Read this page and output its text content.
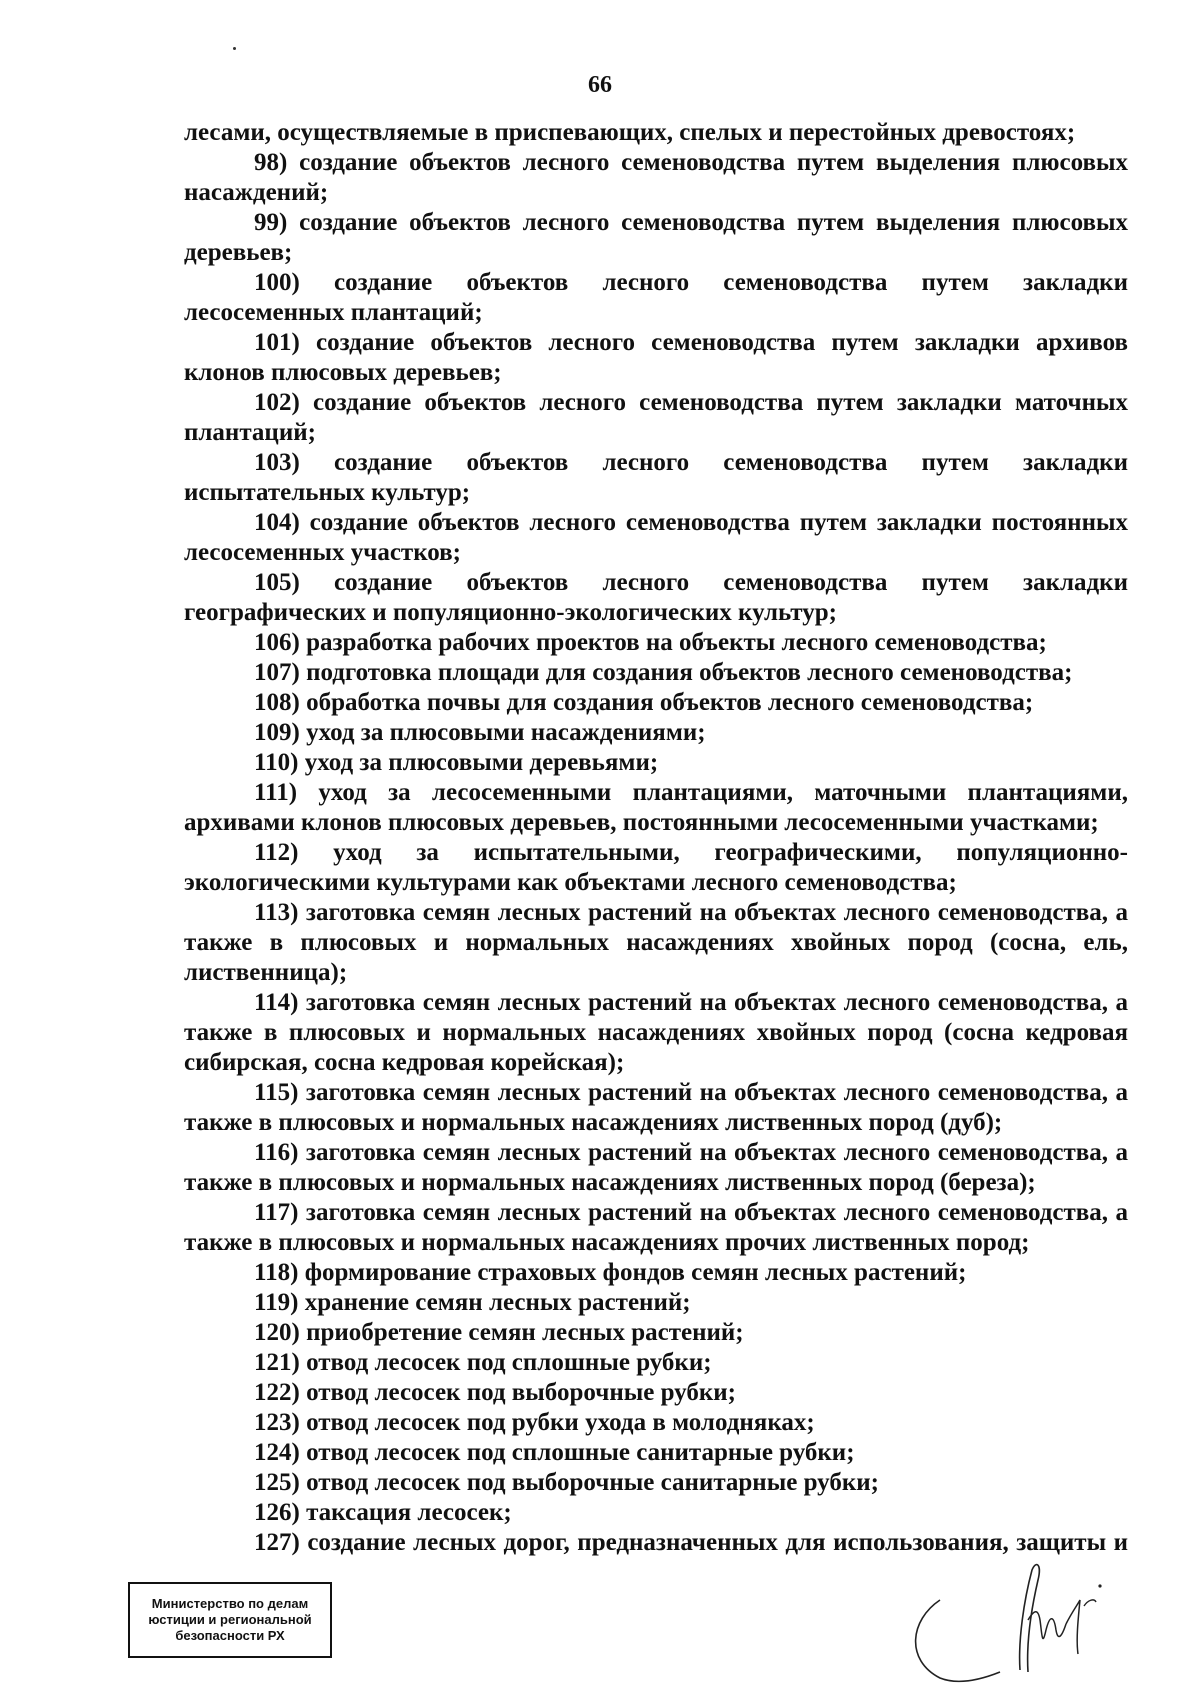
66
лесами, осуществляемые в приспевающих, спелых и перестойных древостоях;
98) создание объектов лесного семеноводства путем выделения плюсовых
насаждений;
99) создание объектов лесного семеноводства путем выделения плюсовых
деревьев;
100) создание объектов лесного семеноводства путем закладки
лесосеменных плантаций;
101) создание объектов лесного семеноводства путем закладки архивов
клонов плюсовых деревьев;
102) создание объектов лесного семеноводства путем закладки маточных
плантаций;
103) создание объектов лесного семеноводства путем закладки
испытательных культур;
104) создание объектов лесного семеноводства путем закладки постоянных
лесосеменных участков;
105) создание объектов лесного семеноводства путем закладки
географических и популяционно-экологических культур;
106) разработка рабочих проектов на объекты лесного семеноводства;
107) подготовка площади для создания объектов лесного семеноводства;
108) обработка почвы для создания объектов лесного семеноводства;
109) уход за плюсовыми насаждениями;
110) уход за плюсовыми деревьями;
111) уход за лесосеменными плантациями, маточными плантациями,
архивами клонов плюсовых деревьев, постоянными лесосеменными участками;
112) уход за испытательными, географическими, популяционно-
экологическими культурами как объектами лесного семеноводства;
113) заготовка семян лесных растений на объектах лесного семеноводства, а
также в плюсовых и нормальных насаждениях хвойных пород (сосна, ель,
лиственница);
114) заготовка семян лесных растений на объектах лесного семеноводства, а
также в плюсовых и нормальных насаждениях хвойных пород (сосна кедровая
сибирская, сосна кедровая корейская);
115) заготовка семян лесных растений на объектах лесного семеноводства, а
также в плюсовых и нормальных насаждениях лиственных пород (дуб);
116) заготовка семян лесных растений на объектах лесного семеноводства, а
также в плюсовых и нормальных насаждениях лиственных пород (береза);
117) заготовка семян лесных растений на объектах лесного семеноводства, а
также в плюсовых и нормальных насаждениях прочих лиственных пород;
118) формирование страховых фондов семян лесных растений;
119) хранение семян лесных растений;
120) приобретение семян лесных растений;
121) отвод лесосек под сплошные рубки;
122) отвод лесосек под выборочные рубки;
123) отвод лесосек под рубки ухода в молодняках;
124) отвод лесосек под сплошные санитарные рубки;
125) отвод лесосек под выборочные санитарные рубки;
126) таксация лесосек;
127) создание лесных дорог, предназначенных для использования, защиты и
Министерство по делам
юстиции и региональной
безопасности РХ
